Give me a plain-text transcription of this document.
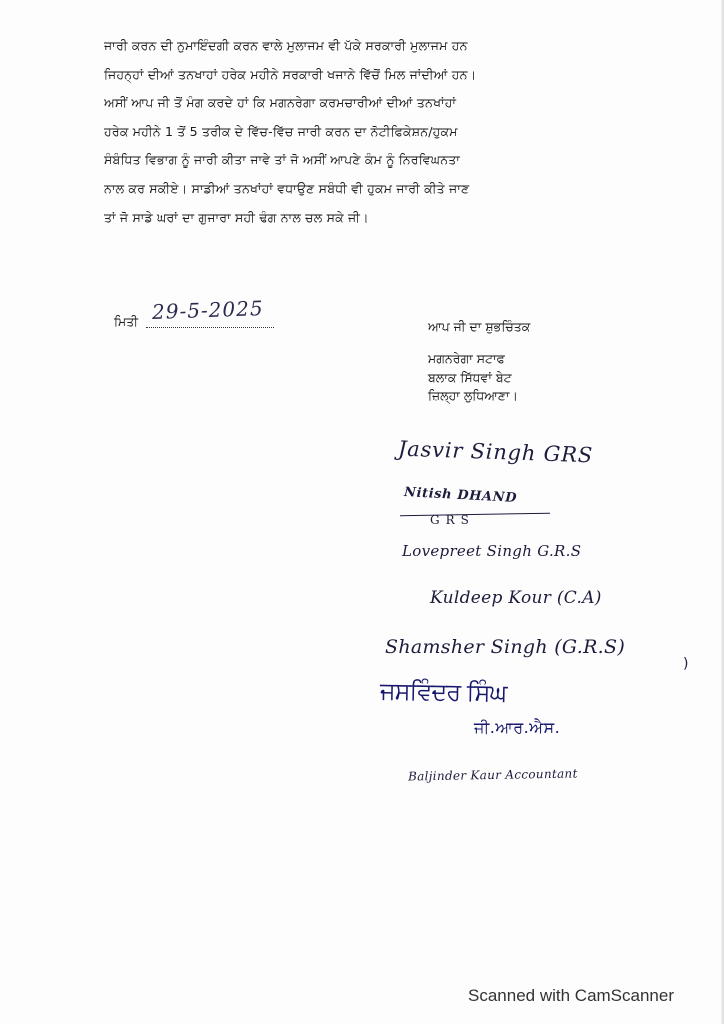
ਜਾਰੀ ਕਰਨ ਦੀ ਨੁਮਾਇੰਦਗੀ ਕਰਨ ਵਾਲੇ ਮੁਲਾਜਮ ਵੀ ਪੱਕੇ ਸਰਕਾਰੀ ਮੁਲਾਜਮ ਹਨ
ਜਿਹਨ੍ਹਾਂ ਦੀਆਂ ਤਨਖਾਹਾਂ ਹਰੇਕ ਮਹੀਨੇ ਸਰਕਾਰੀ ਖਜਾਨੇ ਵਿੱਚੋਂ ਮਿਲ ਜਾਂਦੀਆਂ ਹਨ।
ਅਸੀਂ ਆਪ ਜੀ ਤੋਂ ਮੰਗ ਕਰਦੇ ਹਾਂ ਕਿ ਮਗਨਰੇਗਾ ਕਰਮਚਾਰੀਆਂ ਦੀਆਂ ਤਨਖਾਂਹਾਂ
ਹਰੇਕ ਮਹੀਨੇ 1 ਤੋਂ 5 ਤਰੀਕ ਦੇ ਵਿੱਚ-ਵਿੱਚ ਜਾਰੀ ਕਰਨ ਦਾ ਨੋਟੀਫਿਕੇਸ਼ਨ/ਹੁਕਮ
ਸੰਬੰਧਿਤ ਵਿਭਾਗ ਨੂੰ ਜਾਰੀ ਕੀਤਾ ਜਾਵੇ ਤਾਂ ਜੋ ਅਸੀਂ ਆਪਣੇ ਕੰਮ ਨੂੰ ਨਿਰਵਿਘਨਤਾ
ਨਾਲ ਕਰ ਸਕੀਏ। ਸਾਡੀਆਂ ਤਨਖਾਂਹਾਂ ਵਧਾਉਣ ਸਬੰਧੀ ਵੀ ਹੁਕਮ ਜਾਰੀ ਕੀਤੇ ਜਾਣ
ਤਾਂ ਜੋ ਸਾਡੇ ਘਰਾਂ ਦਾ ਗੁਜਾਰਾ ਸਹੀ ਢੰਗ ਨਾਲ ਚਲ ਸਕੇ ਜੀ।
ਮਿਤੀ 29-5-2025
ਆਪ ਜੀ ਦਾ ਸ਼ੁਭਚਿੰਤਕ
ਮਗਨਰੇਗਾ ਸਟਾਫ
ਬਲਾਕ ਸਿੱਧਵਾਂ ਬੇਟ
ਜ਼ਿਲ੍ਹਾ ਲੁਧਿਆਣਾ।
Jasvir Singh GRS
Nitish DHAND
GRS
Lovepreet Singh G.R.S
Kuldeep Kour (C.A)
Shamsher Singh (G.R.S)
)
ਜਸਵਿੰਦਰ ਸਿੰਘ
ਜੀ.ਆਰ.ਐਸ.
Baljinder Kaur Accountant
Scanned with CamScanner
